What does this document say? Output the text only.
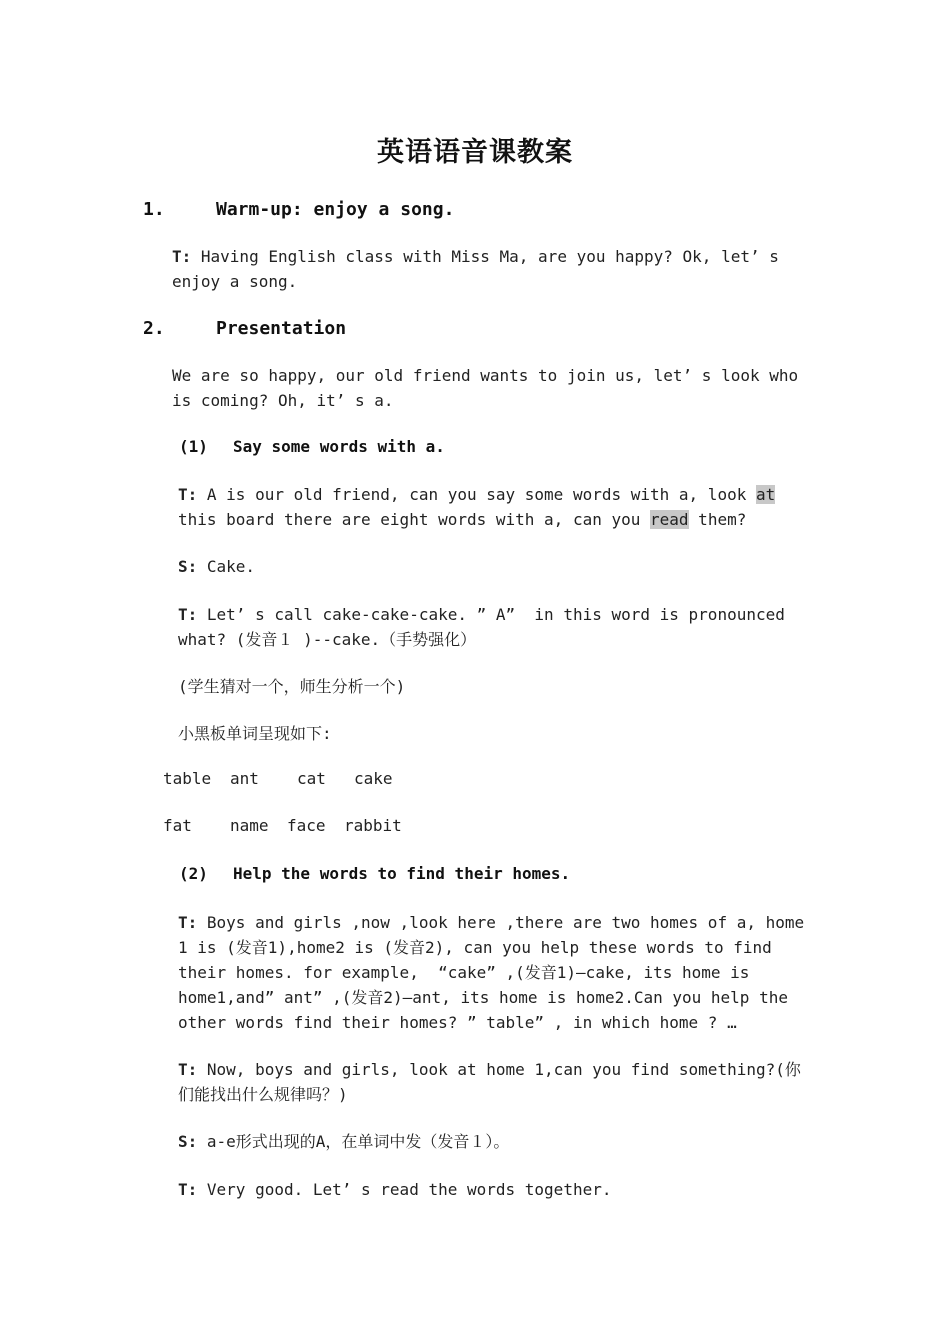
英语语音课教案
1.	Warm-up: enjoy a song.
T: Having English class with Miss Ma, are you happy? Ok, let’ s
enjoy a song.
2.	Presentation
We are so happy, our old friend wants to join us, let’ s look who
is coming? Oh, it’ s a.
(1) Say some words with a.
T: A is our old friend, can you say some words with a, look at
this board there are eight words with a, can you read them?
S: Cake.
T: Let’ s call cake-cake-cake. ” A”  in this word is pronounced
what? (发音１ )--cake.（手势强化）
(学生猜对一个，师生分析一个)
小黑板单词呈现如下:
table ant cat cake
fat name face rabbit
(2) Help the words to find their homes.
T: Boys and girls ,now ,look here ,there are two homes of a, home
1 is (发音1),home2 is (发音2), can you help these words to find
their homes. for example,  “cake” ,(发音1)—cake, its home is
home1,and” ant” ,(发音2)—ant, its home is home2.Can you help the
other words find their homes? ” table” , in which home ? …
T: Now, boys and girls, look at home 1,can you find something?(你
们能找出什么规律吗？)
S: a-e形式出现的A，在单词中发（发音１）。
T: Very good. Let’ s read the words together.
